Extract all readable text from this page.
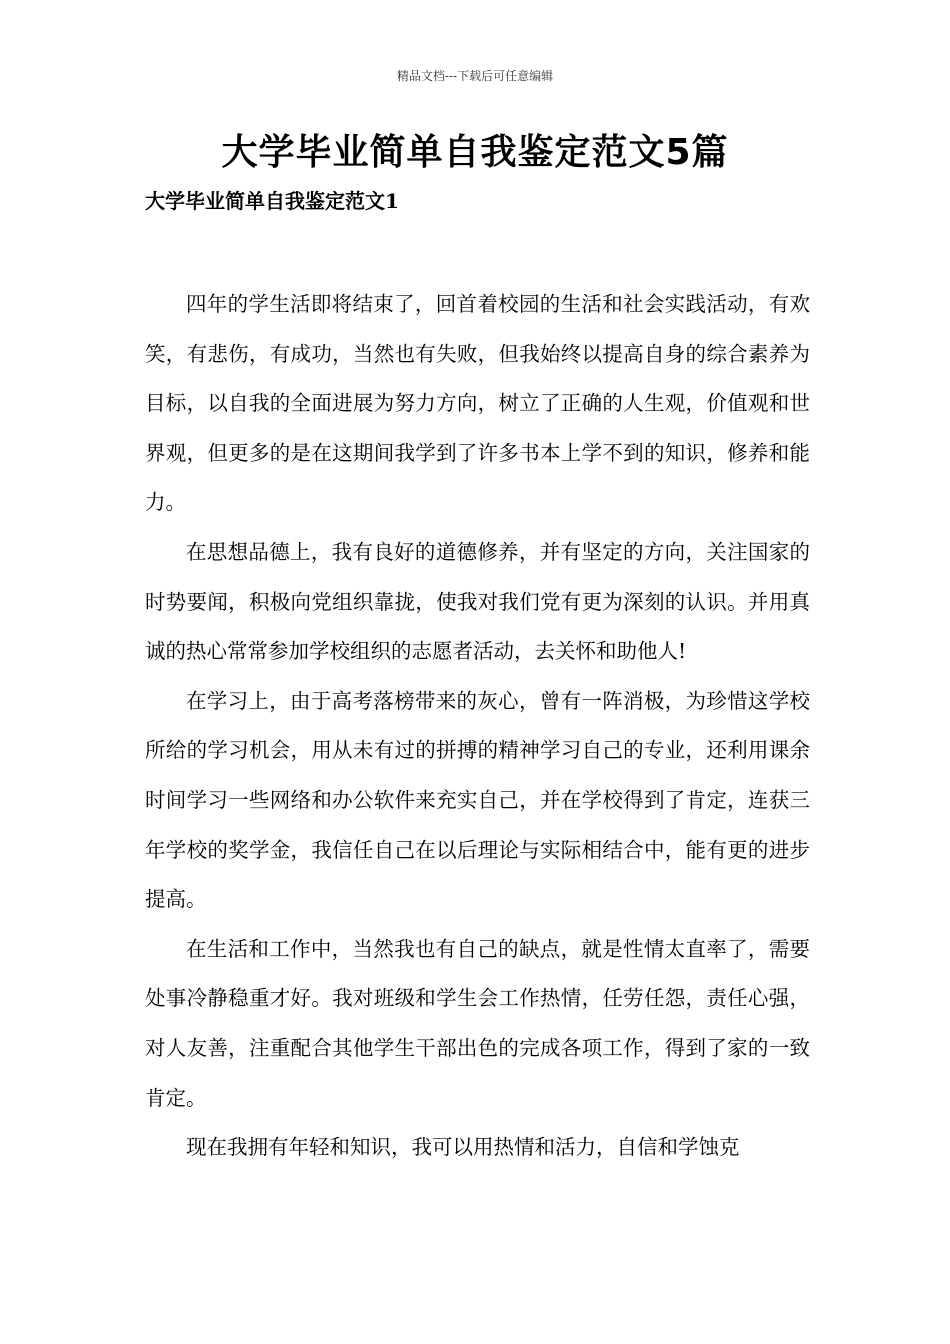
精品文档---下载后可任意编辑
大学毕业简单自我鉴定范文5篇
大学毕业简单自我鉴定范文1

四年的学生活即将结束了，回首着校园的生活和社会实践活动，有欢笑，有悲伤，有成功，当然也有失败，但我始终以提高自身的综合素养为目标，以自我的全面进展为努力方向，树立了正确的人生观，价值观和世界观，但更多的是在这期间我学到了许多书本上学不到的知识，修养和能力。

在思想品德上，我有良好的道德修养，并有坚定的方向，关注国家的时势要闻，积极向党组织靠拢，使我对我们党有更为深刻的认识。并用真诚的热心常常参加学校组织的志愿者活动，去关怀和助他人!

在学习上，由于高考落榜带来的灰心，曾有一阵消极，为珍惜这学校所给的学习机会，用从未有过的拼搏的精神学习自己的专业，还利用课余时间学习一些网络和办公软件来充实自己，并在学校得到了肯定，连获三年学校的奖学金，我信任自己在以后理论与实际相结合中，能有更的进步提高。

在生活和工作中，当然我也有自己的缺点，就是性情太直率了，需要处事冷静稳重才好。我对班级和学生会工作热情，任劳任怨，责任心强，对人友善，注重配合其他学生干部出色的完成各项工作，得到了家的一致肯定。

现在我拥有年轻和知识，我可以用热情和活力，自信和学蚀克
